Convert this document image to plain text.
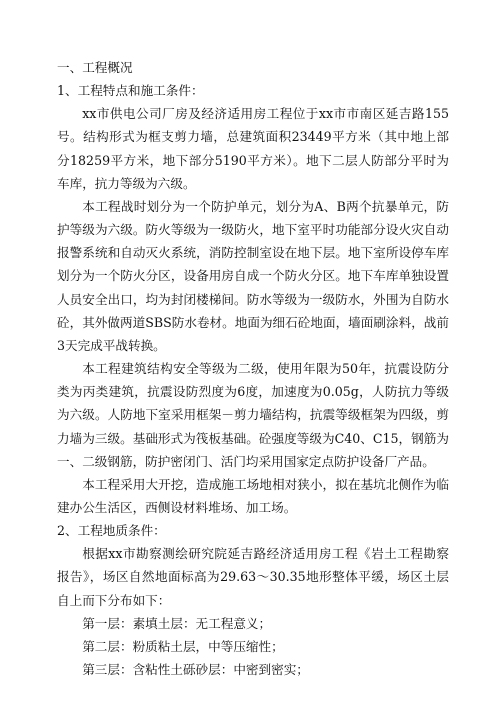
一、工程概况
1、工程特点和施工条件：

xx市供电公司厂房及经济适用房工程位于xx市市南区延吉路155号。结构形式为框支剪力墙，总建筑面积23449平方米（其中地上部分18259平方米，地下部分5190平方米）。地下二层人防部分平时为车库，抗力等级为六级。

本工程战时划分为一个防护单元，划分为A、B两个抗暴单元，防护等级为六级。防火等级为一级防火，地下室平时功能部分设火灾自动报警系统和自动灭火系统，消防控制室设在地下层。地下室所设停车库划分为一个防火分区，设备用房自成一个防火分区。地下车库单独设置人员安全出口，均为封闭楼梯间。防水等级为一级防水，外围为自防水砼，其外做两道SBS防水卷材。地面为细石砼地面，墙面刷涂料，战前3天完成平战转换。

本工程建筑结构安全等级为二级，使用年限为50年，抗震设防分类为丙类建筑，抗震设防烈度为6度，加速度为0.05g，人防抗力等级为六级。人防地下室采用框架－剪力墙结构，抗震等级框架为四级，剪力墙为三级。基础形式为筏板基础。砼强度等级为C40、C15，钢筋为一、二级钢筋，防护密闭门、活门均采用国家定点防护设备厂产品。

本工程采用大开挖，造成施工场地相对狭小，拟在基坑北侧作为临建办公生活区，西侧设材料堆场、加工场。

2、工程地质条件：

根据xx市勘察测绘研究院延吉路经济适用房工程《岩土工程勘察报告》，场区自然地面标高为29.63～30.35地形整体平缓，场区土层自上而下分布如下：

第一层：素填土层：无工程意义；
第二层：粉质粘土层，中等压缩性；
第三层：含粘性土砾砂层：中密到密实；
